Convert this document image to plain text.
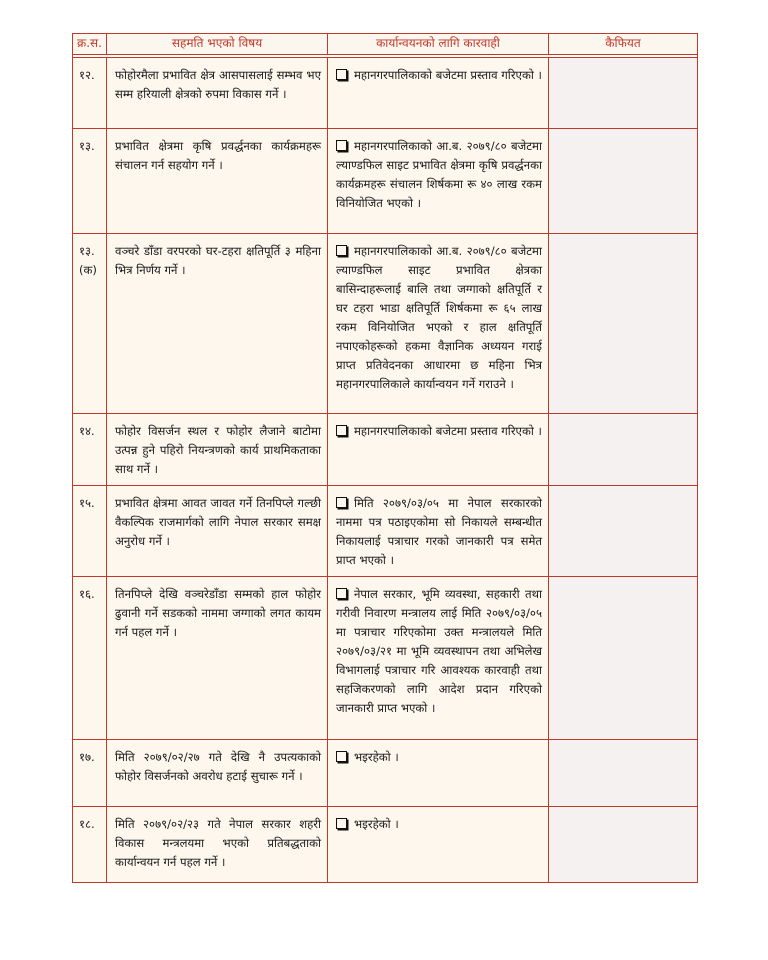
क्र.स.	सहमति भएको विषय	कार्यान्वयनको लागि कारवाही	कैफियत

१२.	फोहोरमैला प्रभावित क्षेत्र आसपासलाई सम्भव भए सम्म हरियाली क्षेत्रको रुपमा विकास गर्ने ।	महानगरपालिकाको बजेटमा प्रस्ताव गरिएको ।	

१३.	प्रभावित क्षेत्रमा कृषि प्रवर्द्धनका कार्यक्रमहरू संचालन गर्न सहयोग गर्ने ।	महानगरपालिकाको आ.ब. २०७९/८० बजेटमा ल्याण्डफिल साइट प्रभावित क्षेत्रमा कृषि प्रवर्द्धनका कार्यक्रमहरू संचालन शिर्षकमा रू ४० लाख रकम विनियोजित भएको ।	

१३.
(क)	वञ्चरे डाँडा वरपरको घर-टहरा क्षतिपूर्ति ३ महिना भित्र निर्णय गर्ने ।	महानगरपालिकाको आ.ब. २०७९/८० बजेटमा ल्याण्डफिल साइट प्रभावित क्षेत्रका बासिन्दाहरूलाई बालि तथा जग्गाको क्षतिपूर्ति र घर टहरा भाडा क्षतिपूर्ति शिर्षकमा रू ६५ लाख रकम विनियोजित भएको र हाल क्षतिपूर्ति नपाएकोहरूको हकमा वैज्ञानिक अध्ययन गराई प्राप्त प्रतिवेदनका आधारमा छ महिना भित्र महानगरपालिकाले कार्यान्वयन गर्ने गराउने ।	

१४.	फोहोर विसर्जन स्थल र फोहोर लैजाने बाटोमा उत्पन्न हुने पहिरो नियन्त्रणको कार्य प्राथमिकताका साथ गर्ने ।	महानगरपालिकाको बजेटमा प्रस्ताव गरिएको ।	

१५.	प्रभावित क्षेत्रमा आवत जावत गर्ने तिनपिप्ले गल्छी वैकल्पिक राजमार्गको लागि नेपाल सरकार समक्ष अनुरोध गर्ने ।	मिति २०७९/०३/०५ मा नेपाल सरकारको नाममा पत्र पठाइएकोमा सो निकायले सम्बन्धीत निकायलाई पत्राचार गरको जानकारी पत्र समेत प्राप्त भएको ।	

१६.	तिनपिप्ले देखि वञ्चरेडाँडा सम्मको हाल फोहोर ढुवानी गर्ने सडकको नाममा जग्गाको लगत कायम गर्न पहल गर्ने ।	नेपाल सरकार, भूमि व्यवस्था, सहकारी तथा गरीवी निवारण मन्त्रालय लाई मिति २०७९/०३/०५ मा पत्राचार गरिएकोमा उक्त मन्त्रालयले मिति २०७९/०३/२१ मा भूमि व्यवस्थापन तथा अभिलेख विभागलाई पत्राचार गरि आवश्यक कारवाही तथा सहजिकरणको लागि आदेश प्रदान गरिएको जानकारी प्राप्त भएको ।	

१७.	मिति २०७९/०२/२७ गते देखि नै उपत्यकाको फोहोर विसर्जनको अवरोध हटाई सुचारू गर्ने ।	भइरहेको ।	

१८.	मिति २०७९/०२/२३ गते नेपाल सरकार शहरी विकास मन्त्रलयमा भएको प्रतिबद्धताको कार्यान्वयन गर्न पहल गर्ने ।	भइरहेको ।	
